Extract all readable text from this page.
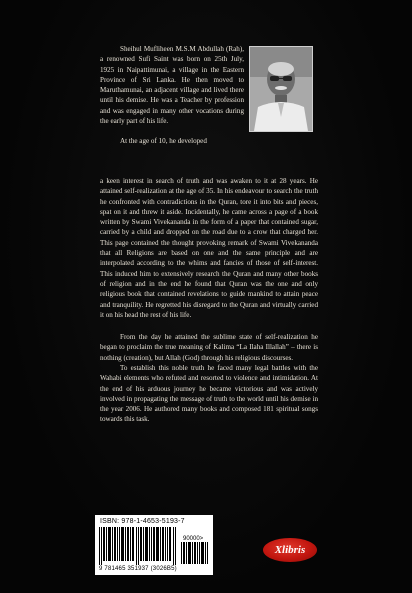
Sheihul Mufliheen M.S.M Abdullah (Rah), a renowned Sufi Saint was born on 25th July, 1925 in Naipattimunai, a village in the Eastern Province of Sri Lanka. He then moved to Maruthamunai, an adjacent village and lived there until his demise. He was a Teacher by profession and was engaged in many other vocations during the early part of his life.

At the age of 10, he developed

a keen interest in search of truth and was awaken to it at 28 years. He attained self-realization at the age of 35. In his endeavour to search the truth he confronted with contradictions in the Quran, tore it into bits and pieces, spat on it and threw it aside. Incidentally, he came across a page of a book written by Swami Vivekananda in the form of a paper that contained sugar, carried by a child and dropped on the road due to a crow that charged her. This page contained the thought provoking remark of Swami Vivekananda that all Religions are based on one and the same principle and are interpolated according to the whims and fancies of those of self-interest. This induced him to extensively research the Quran and many other books of religion and in the end he found that Quran was the one and only religious book that contained revelations to guide mankind to attain peace and tranquility. He regretted his disregard to the Quran and virtually carried it on his head the rest of his life.

From the day he attained the sublime state of self-realization he began to proclaim the true meaning of Kalima “La Ilaha Illallah” – there is nothing (creation), but Allah (God) through his religious discourses.

To establish this noble truth he faced many legal battles with the Wahabi elements who refuted and resorted to violence and intimidation. At the end of his arduous journey he became victorious and was actively involved in propagating the message of truth to the world until his demise in the year 2006. He authored many books and composed 181 spiritual songs towards this task.

ISBN: 978-1-4653-5193-7
90000>
9 781465 351937 (3026B5)
Xlibris
